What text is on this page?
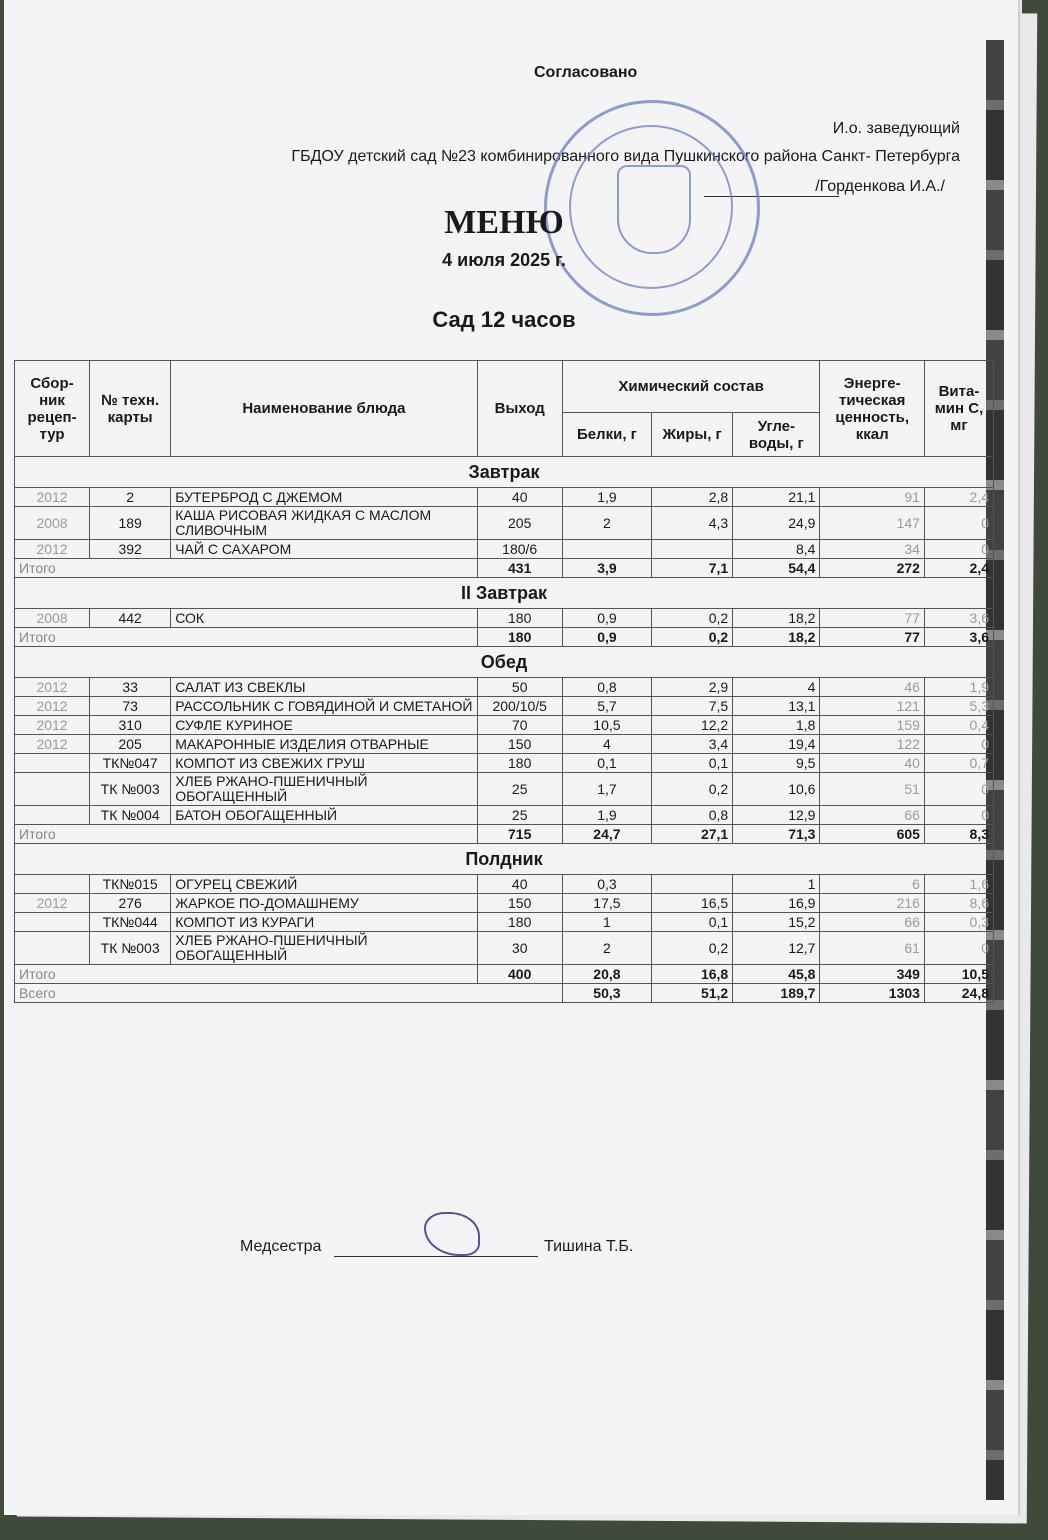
Согласовано
И.о. заведующий
ГБДОУ детский сад №23 комбинированного вида Пушкинского района Санкт- Петербурга
/Горденкова И.А./
МЕНЮ
4 июля 2025 г.
Сад 12 часов
Сбор-ник рецеп-тур	№ техн. карты	Наименование блюда	Выход	Химический состав			Энерге-тическая ценность, ккал	Вита-мин С, мг
				Белки, г	Жиры, г	Угле-воды, г		
Завтрак								
2012	2	БУТЕРБРОД С ДЖЕМОМ	40	1,9	2,8	21,1	91	2,4
2008	189	КАША РИСОВАЯ ЖИДКАЯ С МАСЛОМ СЛИВОЧНЫМ	205	2	4,3	24,9	147	0
2012	392	ЧАЙ С САХАРОМ	180/6			8,4	34	0
Итого			431	3,9	7,1	54,4	272	2,4
II Завтрак								
2008	442	СОК	180	0,9	0,2	18,2	77	3,6
Итого			180	0,9	0,2	18,2	77	3,6
Обед								
2012	33	САЛАТ ИЗ СВЕКЛЫ	50	0,8	2,9	4	46	1,9
2012	73	РАССОЛЬНИК С ГОВЯДИНОЙ И СМЕТАНОЙ	200/10/5	5,7	7,5	13,1	121	5,3
2012	310	СУФЛЕ КУРИНОЕ	70	10,5	12,2	1,8	159	0,4
2012	205	МАКАРОННЫЕ ИЗДЕЛИЯ ОТВАРНЫЕ	150	4	3,4	19,4	122	0
	ТК№047	КОМПОТ ИЗ СВЕЖИХ ГРУШ	180	0,1	0,1	9,5	40	0,7
	ТК №003	ХЛЕБ РЖАНО-ПШЕНИЧНЫЙ ОБОГАЩЕННЫЙ	25	1,7	0,2	10,6	51	0
	ТК №004	БАТОН ОБОГАЩЕННЫЙ	25	1,9	0,8	12,9	66	0
Итого			715	24,7	27,1	71,3	605	8,3
Полдник								
	ТК№015	ОГУРЕЦ СВЕЖИЙ	40	0,3		1	6	1,6
2012	276	ЖАРКОЕ ПО-ДОМАШНЕМУ	150	17,5	16,5	16,9	216	8,6
	ТК№044	КОМПОТ ИЗ КУРАГИ	180	1	0,1	15,2	66	0,3
	ТК №003	ХЛЕБ РЖАНО-ПШЕНИЧНЫЙ ОБОГАЩЕННЫЙ	30	2	0,2	12,7	61	0
Итого			400	20,8	16,8	45,8	349	10,5
Всего				50,3	51,2	189,7	1303	24,8
Медсестра	Тишина Т.Б.
